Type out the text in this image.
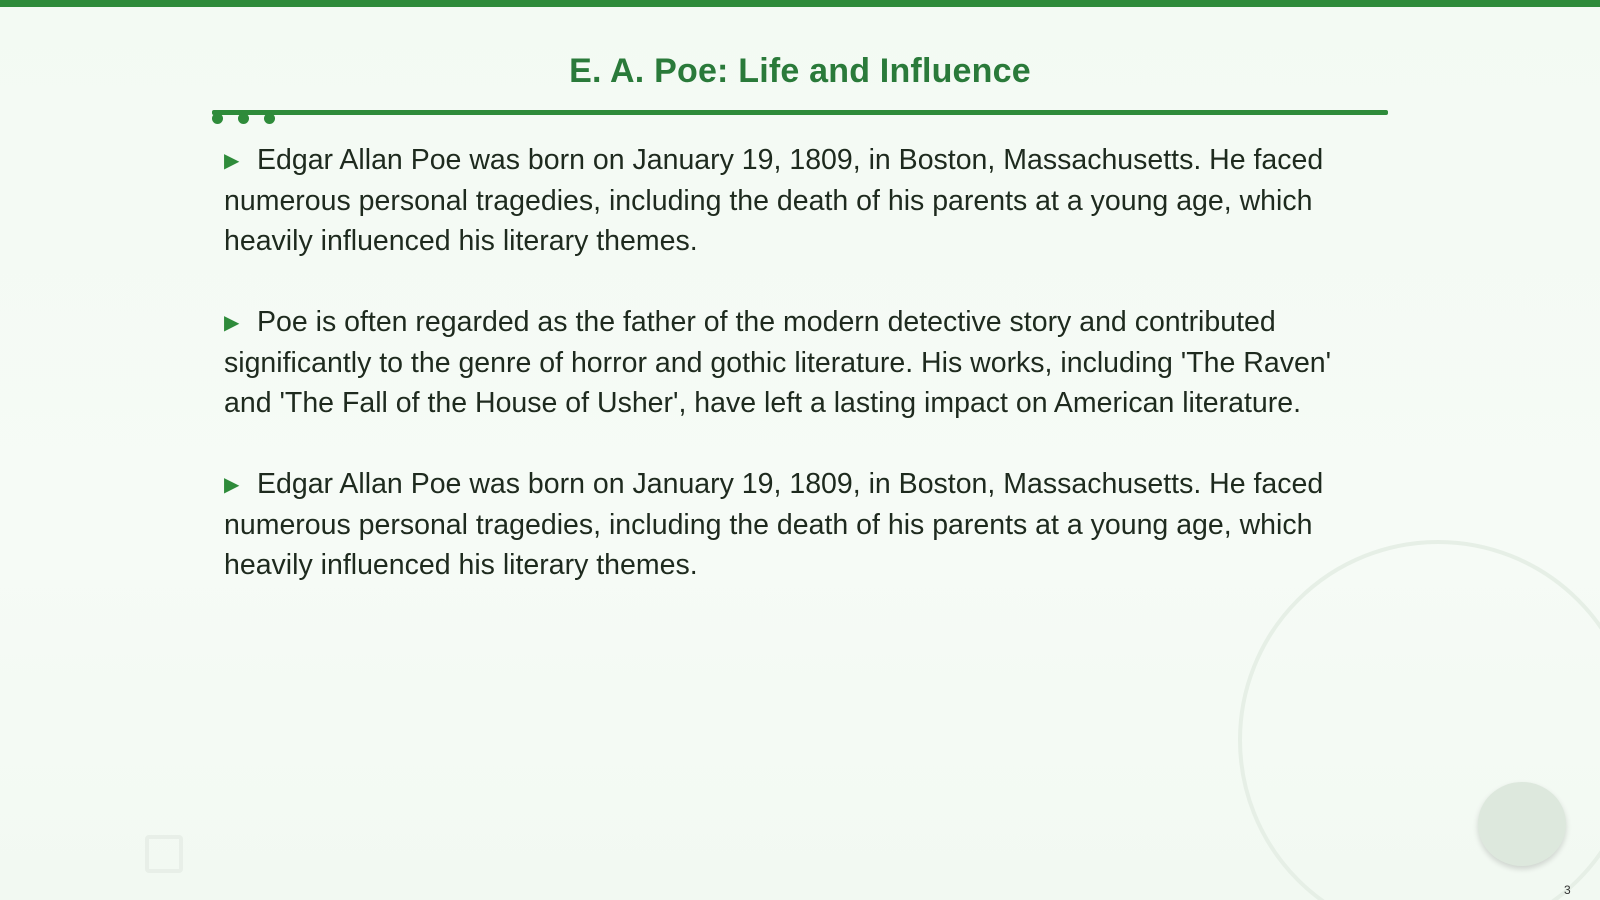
E. A. Poe: Life and Influence

▶ Edgar Allan Poe was born on January 19, 1809, in Boston, Massachusetts. He faced numerous personal tragedies, including the death of his parents at a young age, which heavily influenced his literary themes.

▶ Poe is often regarded as the father of the modern detective story and contributed significantly to the genre of horror and gothic literature. His works, including 'The Raven' and 'The Fall of the House of Usher', have left a lasting impact on American literature.

▶ Edgar Allan Poe was born on January 19, 1809, in Boston, Massachusetts. He faced numerous personal tragedies, including the death of his parents at a young age, which heavily influenced his literary themes.

3
